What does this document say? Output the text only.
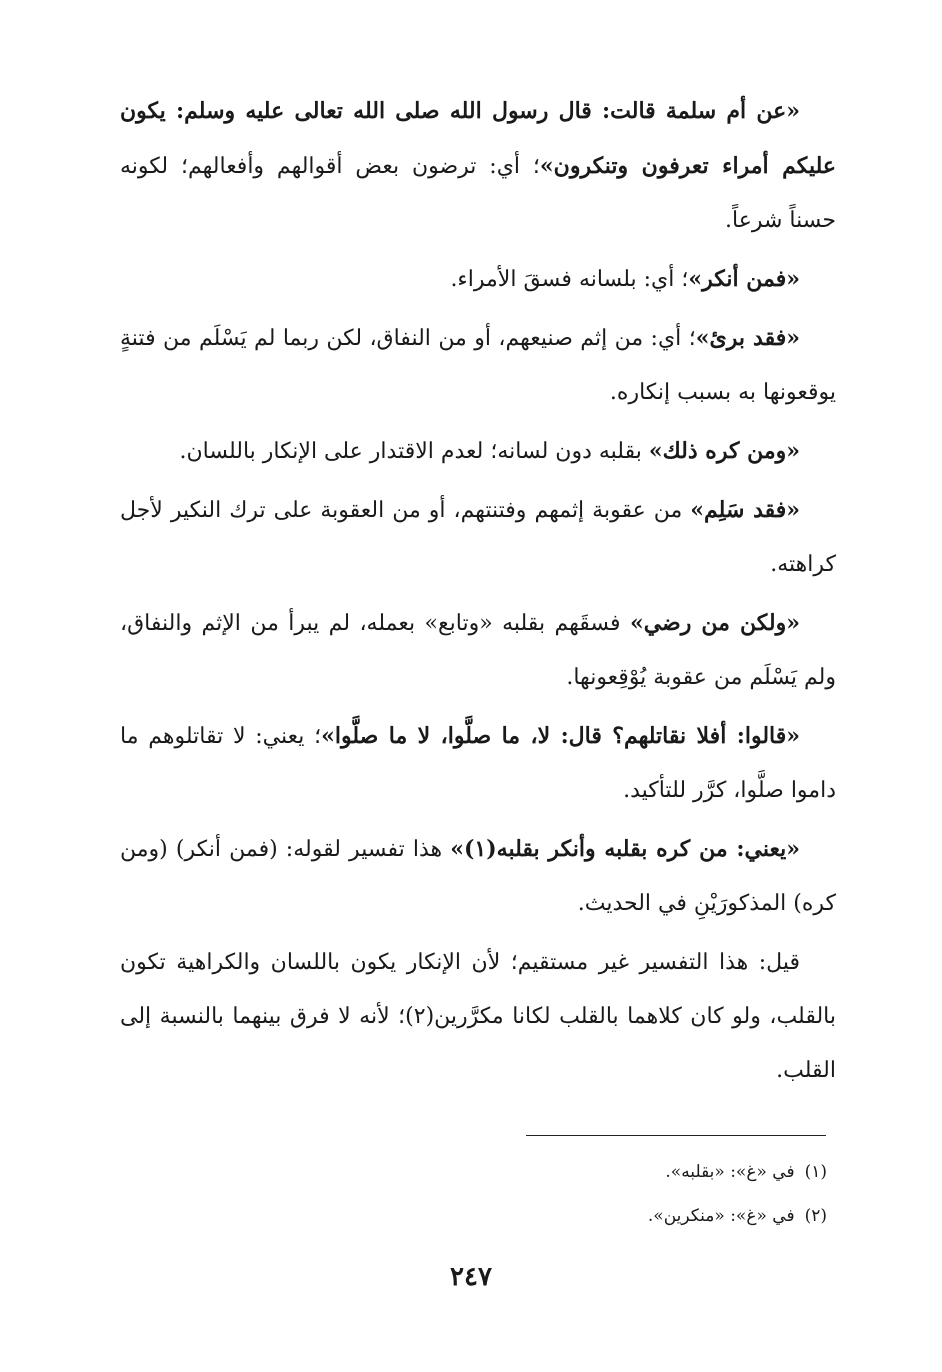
«عن أم سلمة قالت: قال رسول الله صلى الله تعالى عليه وسلم: يكون عليكم أمراء تعرفون وتنكرون»؛ أي: ترضون بعض أقوالهم وأفعالهم؛ لكونه حسناً شرعاً.

«فمن أنكر»؛ أي: بلسانه فسقَ الأمراء.

«فقد برئ»؛ أي: من إثم صنيعهم، أو من النفاق، لكن ربما لم يَسْلَم من فتنةٍ يوقعونها به بسبب إنكاره.

«ومن كره ذلك» بقلبه دون لسانه؛ لعدم الاقتدار على الإنكار باللسان.

«فقد سَلِم» من عقوبة إثمهم وفتنتهم، أو من العقوبة على ترك النكير لأجل كراهته.

«ولكن من رضي» فسقَهم بقلبه «وتابع» بعمله، لم يبرأ من الإثم والنفاق، ولم يَسْلَم من عقوبة يُوْقِعونها.

«قالوا: أفلا نقاتلهم؟ قال: لا، ما صلَّوا، لا ما صلَّوا»؛ يعني: لا تقاتلوهم ما داموا صلَّوا، كرَّر للتأكيد.

«يعني: من كره بقلبه وأنكر بقلبه(١)» هذا تفسير لقوله: (فمن أنكر) (ومن كره) المذكورَيْنِ في الحديث.

قيل: هذا التفسير غير مستقيم؛ لأن الإنكار يكون باللسان والكراهية تكون بالقلب، ولو كان كلاهما بالقلب لكانا مكرَّرين(٢)؛ لأنه لا فرق بينهما بالنسبة إلى القلب.

(١)في «غ»: «بقلبه».

(٢)في «غ»: «منكرين».

٢٤٧
